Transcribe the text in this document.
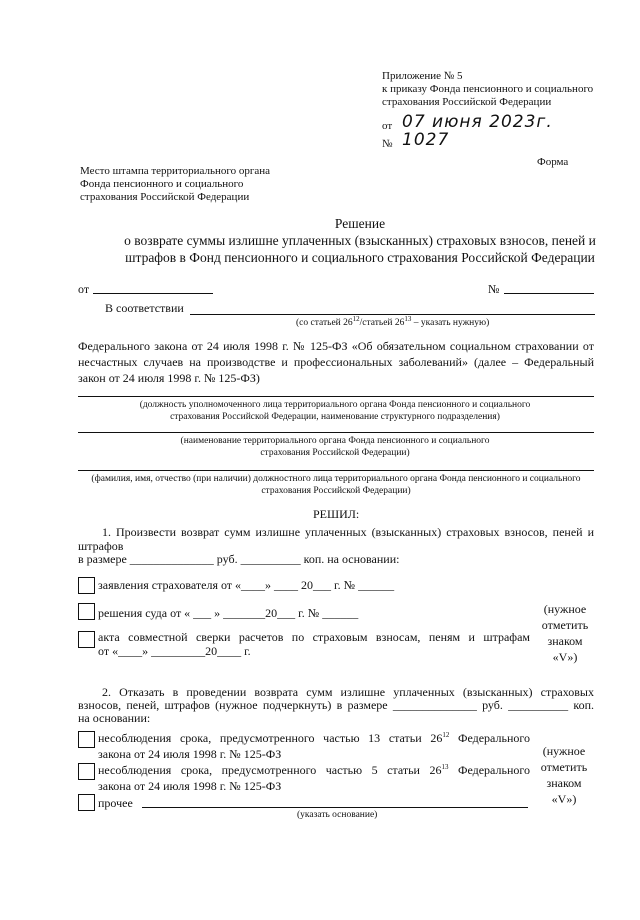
Приложение № 5
к приказу Фонда пенсионного и социального
страхования Российской Федерации
от 07 июня 2023г.
№ 1027
Форма
Место штампа территориального органа
Фонда пенсионного и социального
страхования Российской Федерации
Решение
о возврате суммы излишне уплаченных (взысканных) страховых взносов, пеней и
штрафов в Фонд пенсионного и социального страхования Российской Федерации
от	№
В соответствии
(со статьей $26^{12}$/статьей $26^{13}$ – указать нужную)
Федерального закона от 24 июля 1998 г. № 125-ФЗ «Об обязательном социальном страховании от несчастных случаев на производстве и профессиональных заболеваний» (далее – Федеральный закон от 24 июля 1998 г. № 125-ФЗ)
(должность уполномоченного лица территориального органа Фонда пенсионного и социального страхования Российской Федерации, наименование структурного подразделения)
(наименование территориального органа Фонда пенсионного и социального страхования Российской Федерации)
(фамилия, имя, отчество (при наличии) должностного лица территориального органа Фонда пенсионного и социального страхования Российской Федерации)
РЕШИЛ:
1. Произвести возврат сумм излишне уплаченных (взысканных) страховых взносов, пеней и
штрафов
в размере ______________ руб. __________ коп. на основании:
заявления страхователя от «____» ____ 20___ г. № ______
решения суда от « ___ » _______20___ г. № ______
акта совместной сверки расчетов по страховым взносам, пеням и штрафам
от «____» _________20____ г.
(нужное
отметить
знаком
«V»)
2. Отказать в проведении возврата сумм излишне уплаченных (взысканных) страховых
взносов, пеней, штрафов (нужное подчеркнуть) в размере ______________ руб. __________ коп.
на основании:
несоблюдения срока, предусмотренного частью 13 статьи $26^{12}$ Федерального
закона от 24 июля 1998 г. № 125-ФЗ
несоблюдения срока, предусмотренного частью 5 статьи $26^{13}$ Федерального
закона от 24 июля 1998 г. № 125-ФЗ
прочее
(указать основание)
(нужное
отметить
знаком
«V»)
